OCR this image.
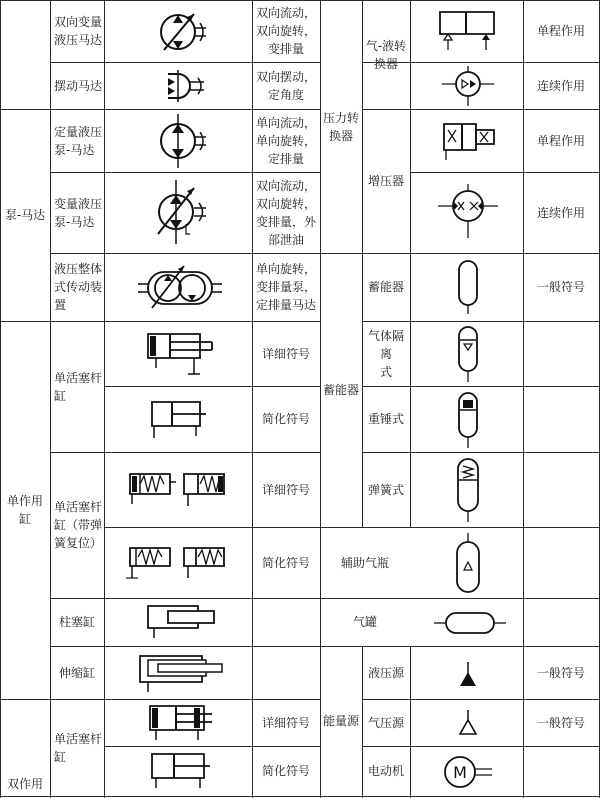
泵-马达
单作用
缸
双作用
双向变量
液压马达
摆动马达
定量液压
泵-马达
变量液压
泵-马达
液压整体
式传动装
置
单活塞杆
缸
单活塞杆
缸（带弹
簧复位）
柱塞缸
伸缩缸
单活塞杆
缸
双向流动，
双向旋转，
变排量
双向摆动，
定角度
单向流动，
单向旋转，
定排量
双向流动，
双向旋转，
变排量，外
部泄油
单向旋转，
变排量泵，
定排量马达
详细符号
简化符号
详细符号
简化符号
详细符号
简化符号
压力转
换器
蓄能器
辅助气瓶
气罐
能量源
气-液转
换器
增压器
蓄能器
气体隔离
式
重锤式
弹簧式
液压源
气压源
电动机
单程作用
连续作用
单程作用
连续作用
一般符号
一般符号
一般符号
M
